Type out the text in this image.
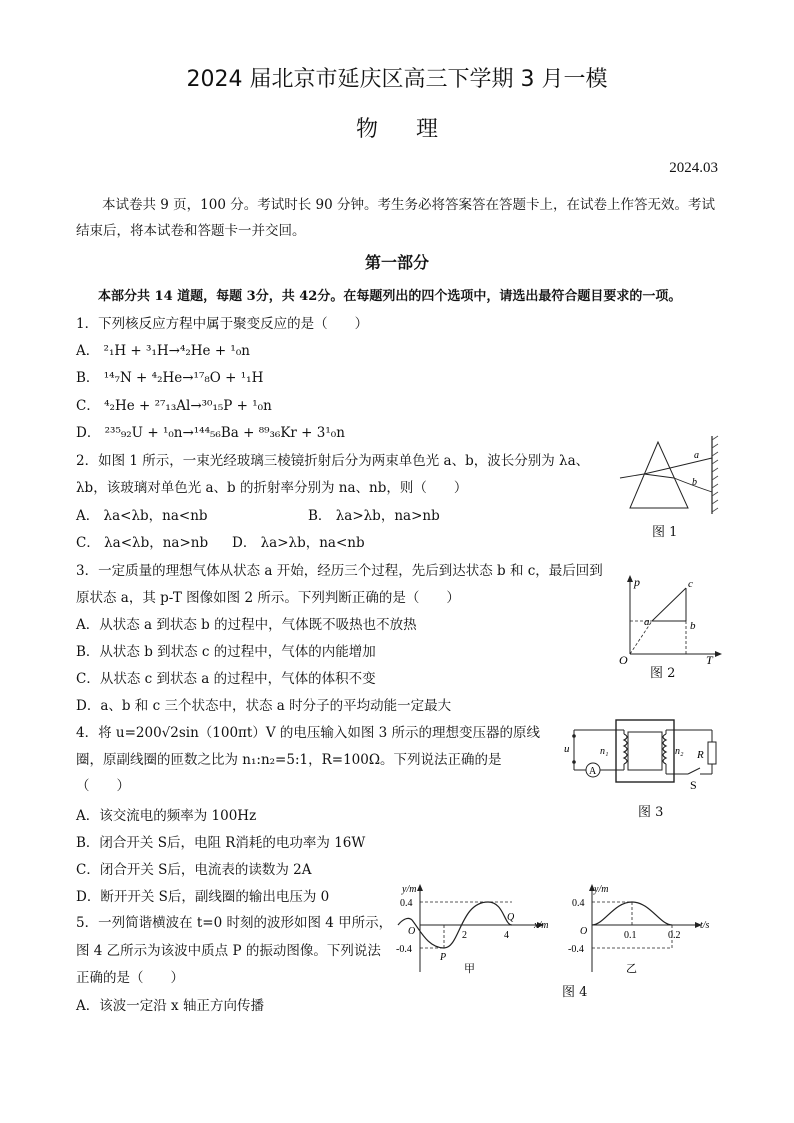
2024 届北京市延庆区高三下学期 3 月一模
物理
2024.03
本试卷共 9 页，100 分。考试时长 90 分钟。考生务必将答案答在答题卡上，在试卷上作答无效。考试结束后，将本试卷和答题卡一并交回。
第一部分
本部分共 14 道题，每题 3分，共 42分。在每题列出的四个选项中，请选出最符合题目要求的一项。
1．下列核反应方程中属于聚变反应的是（　　）
A． ²₁H + ³₁H→⁴₂He + ¹₀n
B． ¹⁴₇N + ⁴₂He→¹⁷₈O + ¹₁H
C． ⁴₂He + ²⁷₁₃Al→³⁰₁₅P + ¹₀n
D． ²³⁵₉₂U + ¹₀n→¹⁴⁴₅₆Ba + ⁸⁹₃₆Kr + 3¹₀n
2．如图 1 所示，一束光经玻璃三棱镜折射后分为两束单色光 a、b，波长分别为 λa、
λb，该玻璃对单色光 a、b 的折射率分别为 na、nb，则（　　）
A． λa<λb，na<nb	B． λa>λb，na>nb
C． λa<λb，na>nb D． λa>λb，na<nb
a
b
图 1
3．一定质量的理想气体从状态 a 开始，经历三个过程，先后到达状态 b 和 c，最后回到
原状态 a，其 p-T 图像如图 2 所示。下列判断正确的是（　　）
A．从状态 a 到状态 b 的过程中，气体既不吸热也不放热
B．从状态 b 到状态 c 的过程中，气体的内能增加
C．从状态 c 到状态 a 的过程中，气体的体积不变
D．a、b 和 c 三个状态中，状态 a 时分子的平均动能一定最大
p
T
O
a	b
c
图 2
4．将 u=200√2sin（100πt）V 的电压输入如图 3 所示的理想变压器的原线
圈，原副线圈的匝数之比为 n₁:n₂=5:1，R=100Ω。下列说法正确的是
（　　）
A．该交流电的频率为 100Hz
B．闭合开关 S后，电阻 R消耗的电功率为 16W
C．闭合开关 S后，电流表的读数为 2A
D．断开开关 S后，副线圈的输出电压为 0
u	n₁	n₂ R
S
A
图 3
5．一列简谐横波在 t=0 时刻的波形如图 4 甲所示，
图 4 乙所示为该波中质点 P 的振动图像。下列说法
正确的是（　　）
A．该波一定沿 x 轴正方向传播
y/m
x/m
0.4
-0.4
O	2	4
P
Q
甲
y/m
t/s
0.4
-0.4
O	0.1	0.2
乙
图 4
